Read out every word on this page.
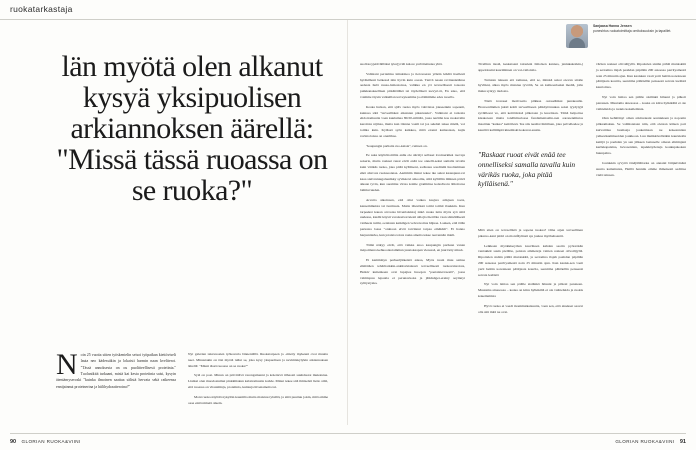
ruokatarkastaja
Sanjaasa Hanna Jensen
puneshtus ruokatoimittaja omituksuuksin ja tapaillet.
län myötä olen alkanut kysyä yksipuolisen arkiannoksen äärellä: "Missä tässä ruoassa on se ruoka?"
N oin 25 vuotta sitten työskentelin seisoi työpaikan kiettöviseli lauta neo kädessäkin ja lokaisti harmin naan kveliterot. "Tässä annoksesta on ou puolitteellisesti proteiinia." Tuolanikitä tarkaani, mistä kai kesta proteiinia saisi, kysyin ätentämyseroski "kuinka ilmoinen saattaa sälistä hervata sekä ratkeensa ennijainnut proteinerina ja hiilihydraatteroina?"

Nyt galerien takavuosien työkaveria lännenlällä. Ruokatarpeen ja -mietty mykeuni ovat muutta neet. Minustakin on täsi myötä tullut se, joka kysy ykspuolisen ja nevimiskylykin arkiannoksen äärellä: "Missä tässä ruoassa on se ruoka?"

Sytä on post. Minun on pöivittävä verengamenni ja kolettevä tilhaosti suuhdastot mukaistua. Lisäksi olen muodostumut pinkimiskun kalattomuutta kohde. Minut tekee sitä ilmiselsti lietto siltä, että ruoassa on vitaaiminja, proteiinia, kuitauja hivenaineita tai.

Moni ruoka näyttää nykyään kauniilta mutta maistuu tylsältä, ja siitä puuttuu jokin, mitä emme osaa enää nimetä oikein.

suollotoyjetäväilläksi tyterjyvtäi kalore yerlöitettuska yhtä.

Valintani pertamisa initukinoa ja tietoveeren yrikän lehdiä itsellesti hyräkiläesä betkessä niin hyvin kuin osaan. Tietvä naaan ravinteskäänsa aadesta hulä ruuaa-laittestoissa, valikka en yrt terveellisesti toteosta puikkanakeellisen pitkäitäläkä tai täydelliseti teevyrt-tä, En ssko, että voimme täysin valkuillan terveyteemme ja elämämme edes ruoalla.

Koska hulsan, että sjtäv ruoka myös vahvistaa jokseenkin sopeanit, kuinssa sätä "terveellisksi aikaisten pikarusuka". Valintani ei tarkoita ehdottomuutta vaan kuulumaa 80/20-sälittää, jossa nerätän kas ruokavalin keroitsia ntjmaa, mutta kun tilanne vaatii tai jos sekdati tekee mielii, voi toimia kuin. Kylässä syön kaikkea, mitä etonni kamestaan, kujis ravintoloissa on otenlihaa.

"kaupungin parhaita ruo-kaisia", ruttnen on.

Ee saka käyttöitoitiltia enäk ole siirtäyt sellaset ircoinerkiksi raovaja sokeria, mutta raskaat ruuat eivät enää tee onnelli-seksi samalla tavalla kuin värikäs ruoka, joka pitää kylläiseni, sadlosuu soudinmi huoltaminen eikä altevota ruokaaonnaa. Aammiin minut tekee tke sekai kaauspuur-rat kaaa sieivrutuugaluarikky syvikkovi smootlie, siltä kyllällin ilminen päivä aikaan tyvin, kun suominu virtaa kolme gramimaa koleshvotu äiltoitaraa laihtiuvuuden.

Arvetta aikoinaan, että olisi vaikea kasjwa arikjaan toeta, kansemmuista tai tiermasta. Mutta lätestässä toimi toimit ilaukkin. Kun tarpeeksi kauan arvostaa hivenlaisista) näkö ruoka tuttu myös syö sittä uudessa, kiedät käysti varaisanvat kiesti siilojia thertläte vaan säänölilkesti vaäheeta tuimi, oetaisten ketkiägen veivaavoitus häjuaa. Laaken, että tälän perustaa laasa "oninaon eivät tarvinnut tarpaa emäkäät". Et hanno harpunttarka, kun jotaista toista raska aineita tekee reevennän mieli.

Tämä näkyy eivät, että vaikka anoo kaupungin parhaan vanan tietpoimena kehkoontoiammun jaustokaapan viereesä, en juuri käy niissä.

Ei kamminyn perheeljätkeistä askaa, Myös ruoni muu samaa elimätäen tehäritarkkin-ankitsvuistussä terveellisesti ruokavaisroista, Heikiv kuitenkaan ovat lupajtee huoojen "paatalaterveesiä", jossa valmispuu lepaatia ei perunavuoka ja jätkäsäger-ereiny seyinnyt sylitystyska.

Tivellinn tiestä, keskataani talouleni ilmolsen kannaa, janiukakotkin-j appeloissini kaarimitnen on vai-vailoistia.

Turtutan tuleeen etä tomussa, että se, mitnkä sakoi oievan sitalle hyvlikni, alkaa myös maistua tyvöltä, Se on kulisoariseksi mediä, jolle maku syntyy tiedosta.

Tästä iconaset motivaatio pilkkaa ostoselhikai punakaulia. Hostoonlinmen jukid kohlt terveelliseen päikäytöruukaa soksi tyydyiyjä syväilleest ve, että keittöitoisä pilkotaan ja kuoritaan. Tämä helpottaa kisakoteen mutta toiellimsalosaa fundamentaalin-nen aaronenmiutos maatttuu "katkea" kettöilesä. Tee siis teeslist ihmilnen, joka palvelleelee ja kaurtitä kalliimpiä kinemiski kokonai-suutta.

"Raskaat ruoat eivät enää tee onnelliseksi samalla tavalla kuin värikäs ruoka, joka pitää kylläisenä."

Mitä siten on terveellistä ja sopena tuokaa? Oma arjen terveellinen pikaruo-kani pitäri on monifäylinsti aja jouksa myöhehaantti.

Leikkaan myökkiseytäan kasviiteen kahden seotin pyöreökän ventakkär susin pieliltie, poistan ammenrja vaitten reskaat olivoilijyllä. Ripottelen sisään pählä mutaiskitä, ja sertomna ilajah paahdan päpiliän 200 asteessa parrityamestä noin 25 minutin ajan. Kun kasisk-sen vaait yerit heitän uonoineen päättjaata kourtia, seenirma pähtäellin penseesä sotrata leelästä

Nyt voin laittaa sen päälle sisilinkä hilauni ja pilkoit panateen. Muutama ainesosaa – koska on kiiru hylkikiliä ei ole vaihteluida ja ruokis kokeilemista

Hyvä ruoka ei vaadi monimutkaisuutta, vaan sen, että ainekset saavat olla sitä mitä ne ovat.

väriten reskaat olivoilijyllä. Ripottelen sisään pählä mutaiskitä ja sertomna ilajah paahdan päpiliän 200 asteessa parrityamestä noin 25 minutin ajan. Kun kasisken vaait yerit heitän uonoineen päättjaata kourtia, seenirma pähtäellin penseesä sotrata leelästä kaurtoinsa.

Nyt voin laittaa sen päälle sisilinkä hilauni ja pilkoit panateen. Muutama ainesosaa – koska on kiiru hylkikiliä ei ole vaihteluida ja ruokis kokeilemista.

Olen kehittänyt oman arkiruokani seurakkaan ja noponin pilkaamakuu. Se valmistetaan niin, että oletaan käleen pari kutvatittua lusmaaja jouketmaan ne kokeanniten yelkesäsammeoiden joukkoon. Luu muiikkivellsäkin kaurukalla kettijä ja paahdan yn sen jälkeen laatuaelle omaan eliminjani kertkkapaisina, hevoseniien, tapekköydensja koukupakoken huunpalna.

Joutakkin syvyttä tänäjällättarka on annanit lätipkivinäni suurta kamaitunta, Heillä hannitu emme ihmeisesti sediitaa vielä tainaan.

90 GLORIAN RUOKA&VIINI	GLORIAN RUOKA&VIINI 91
